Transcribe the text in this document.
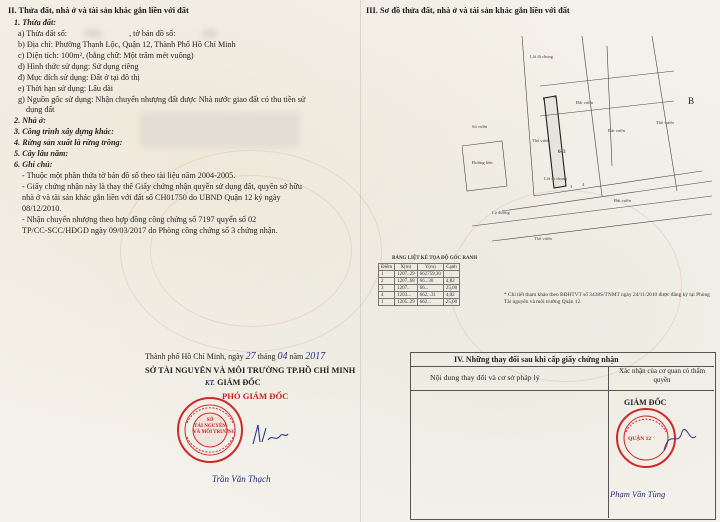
II. Thửa đất, nhà ở và tài sản khác gắn liền với đất
1. Thửa đất:
a) Thửa đất số:	, tờ bản đồ số:
b) Địa chỉ: Phường Thạnh Lộc, Quận 12, Thành Phố Hồ Chí Minh
c) Diện tích: 100m², (bằng chữ: Một trăm mét vuông)
d) Hình thức sử dụng: Sử dụng riêng
đ) Mục đích sử dụng: Đất ở tại đô thị
e) Thời hạn sử dụng: Lâu dài
g) Nguồn gốc sử dụng: Nhận chuyển nhượng đất được Nhà nước giao đất có thu tiền sử
dụng đất
2. Nhà ở:
3. Công trình xây dựng khác:
4. Rừng sản xuất là rừng trồng:
5. Cây lâu năm:
6. Ghi chú:
- Thuộc một phần thửa tờ bản đồ số theo tài liệu năm 2004-2005.
- Giấy chứng nhận này là thay thế Giấy chứng nhận quyền sử dụng đất, quyền sở hữu
nhà ở và tài sản khác gắn liền với đất số CH01750 do UBND Quận 12 ký ngày
08/12/2010.
- Nhận chuyển nhượng theo hợp đồng công chứng số 7197 quyển số 02
TP/CC-SCC/HĐGD ngày 09/03/2017 do Phòng công chứng số 3 chứng nhận.
Thành phố Hồ Chí Minh, ngày 27 tháng 04 năm 2017
SỞ TÀI NGUYÊN VÀ MÔI TRƯỜNG TP.HỒ CHÍ MINH
KT. GIÁM ĐỐC
PHÓ GIÁM ĐỐC
SỞ
TÀI NGUYÊN
VÀ MÔI TRƯỜNG
Trần Văn Thạch
III. Sơ đồ thửa đất, nhà ở và tài sản khác gắn liền với đất
B
Lối đi chung
Lối đi chung
Đất vườn
Thổ vườn
Sổ vườn
Đường liên
Thổ vườn
Đất vườn
643
1 2
3 4
Lộ đường
Đất vườn
Thổ vườn
BẢNG LIỆT KÊ TỌA ĐỘ GÓC RANH
Điểm	X(m)	Y(m)	Cạnh
1	1207..29	662759,30	
2	1207..68	66...30	4,02
3	1207..	66...	25,00
4	1203...	662...31	4,02
1	1205..29	662...	25,00
* Chi tiết tham khảo theo BĐHTVT số 3438S/TNMT ngày 24/11/2010 được đăng ký tại Phòng Tài nguyên và môi trường Quận 12.
IV. Những thay đổi sau khi cấp giấy chứng nhận
Nội dung thay đổi và cơ sở pháp lý
Xác nhận của cơ quan có thẩm quyền
GIÁM ĐỐC
QUẬN 12
Phạm Văn Tùng
